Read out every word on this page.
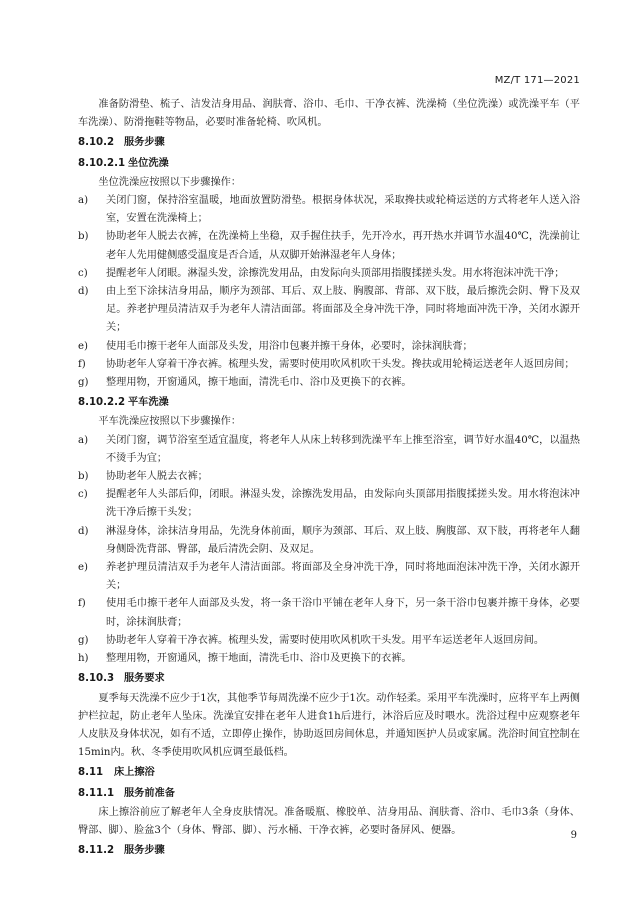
MZ/T 171—2021

准备防滑垫、梳子、洁发洁身用品、润肤膏、浴巾、毛巾、干净衣裤、洗澡椅（坐位洗澡）或洗澡平车（平车洗澡）、防滑拖鞋等物品，必要时准备轮椅、吹风机。

8.10.2 服务步骤
8.10.2.1 坐位洗澡

坐位洗澡应按照以下步骤操作：

a) 关闭门窗，保持浴室温暖，地面放置防滑垫。根据身体状况，采取搀扶或轮椅运送的方式将老年人送入浴室，安置在洗澡椅上；
b) 协助老年人脱去衣裤，在洗澡椅上坐稳，双手握住扶手，先开冷水，再开热水并调节水温40℃，洗澡前让老年人先用健侧感受温度是否合适，从双脚开始淋湿老年人身体；
c) 提醒老年人闭眼。淋湿头发，涂擦洗发用品，由发际向头顶部用指腹揉搓头发。用水将泡沫冲洗干净；
d) 由上至下涂抹洁身用品，顺序为颈部、耳后、双上肢、胸腹部、背部、双下肢，最后擦洗会阴、臀下及双足。养老护理员清洁双手为老年人清洁面部。将面部及全身冲洗干净，同时将地面冲洗干净，关闭水源开关；
e) 使用毛巾擦干老年人面部及头发，用浴巾包裹并擦干身体，必要时，涂抹润肤膏；
f) 协助老年人穿着干净衣裤。梳理头发，需要时使用吹风机吹干头发。搀扶或用轮椅运送老年人返回房间；
g) 整理用物，开窗通风，擦干地面，清洗毛巾、浴巾及更换下的衣裤。
8.10.2.2 平车洗澡

平车洗澡应按照以下步骤操作：

a) 关闭门窗，调节浴室至适宜温度，将老年人从床上转移到洗澡平车上推至浴室，调节好水温40℃，以温热不烫手为宜；
b) 协助老年人脱去衣裤；
c) 提醒老年人头部后仰，闭眼。淋湿头发，涂擦洗发用品，由发际向头顶部用指腹揉搓头发。用水将泡沫冲洗干净后擦干头发；
d) 淋湿身体，涂抹洁身用品，先洗身体前面，顺序为颈部、耳后、双上肢、胸腹部、双下肢，再将老年人翻身侧卧洗背部、臀部，最后清洗会阴、及双足。
e) 养老护理员清洁双手为老年人清洁面部。将面部及全身冲洗干净，同时将地面泡沫冲洗干净，关闭水源开关；
f) 使用毛巾擦干老年人面部及头发，将一条干浴巾平铺在老年人身下，另一条干浴巾包裹并擦干身体，必要时，涂抹润肤膏；
g) 协助老年人穿着干净衣裤。梳理头发，需要时使用吹风机吹干头发。用平车运送老年人返回房间。
h) 整理用物，开窗通风，擦干地面，清洗毛巾、浴巾及更换下的衣裤。
8.10.3 服务要求

夏季每天洗澡不应少于1次，其他季节每周洗澡不应少于1次。动作轻柔。采用平车洗澡时，应将平车上两侧护栏拉起，防止老年人坠床。洗澡宜安排在老年人进食1h后进行，沐浴后应及时喂水。洗浴过程中应观察老年人皮肤及身体状况，如有不适，立即停止操作，协助返回房间休息，并通知医护人员或家属。洗浴时间宜控制在15min内。秋、冬季使用吹风机应调至最低档。

8.11 床上擦浴
8.11.1 服务前准备

床上擦浴前应了解老年人全身皮肤情况。准备暖瓶、橡胶单、洁身用品、润肤膏、浴巾、毛巾3条（身体、臀部、脚）、脸盆3个（身体、臀部、脚）、污水桶、干净衣裤，必要时备屏风、便器。

8.11.2 服务步骤
9
